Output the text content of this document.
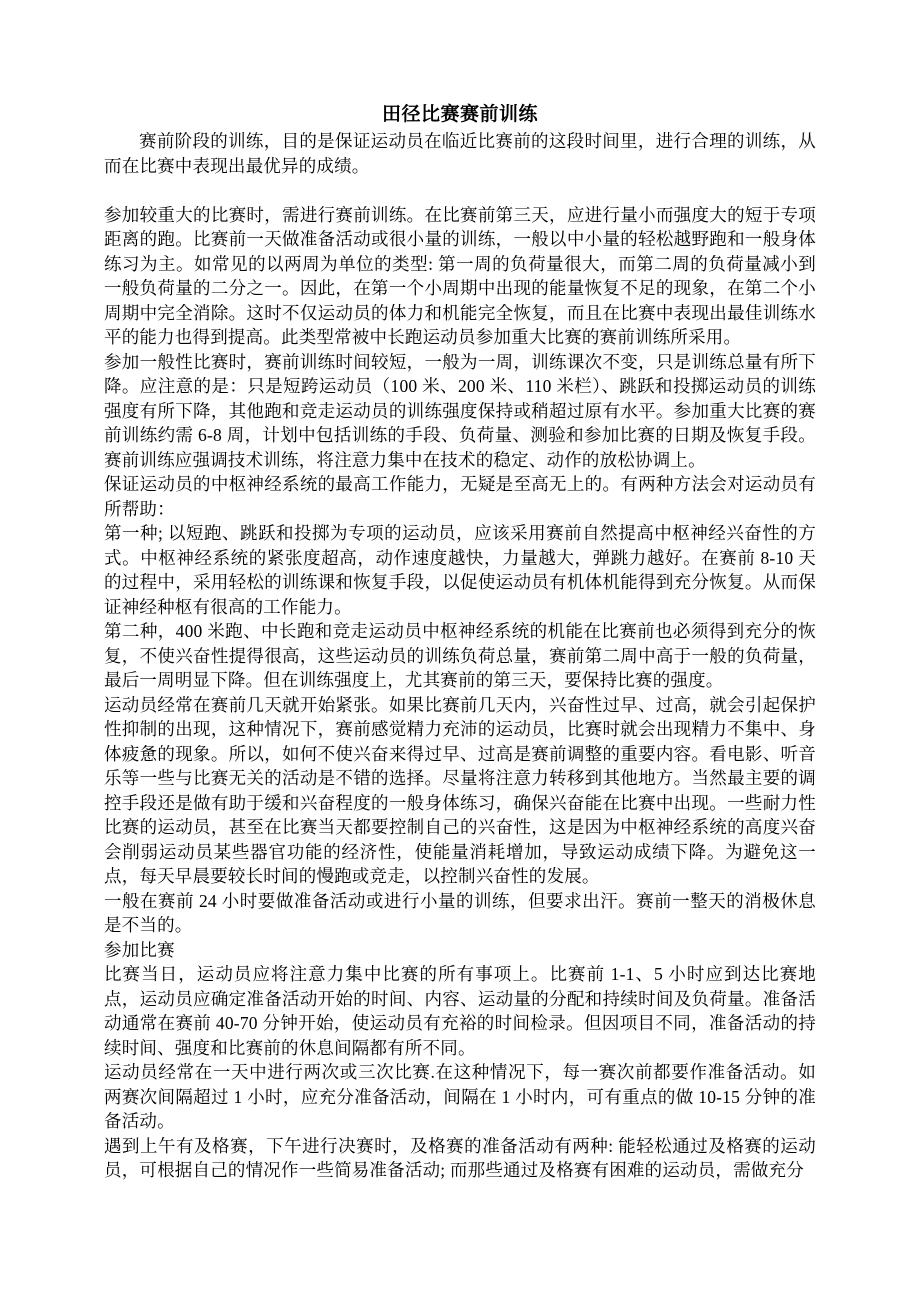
田径比赛赛前训练

赛前阶段的训练，目的是保证运动员在临近比赛前的这段时间里，进行合理的训练，从而在比赛中表现出最优异的成绩。

参加较重大的比赛时，需进行赛前训练。在比赛前第三天，应进行量小而强度大的短于专项距离的跑。比赛前一天做准备活动或很小量的训练，一般以中小量的轻松越野跑和一般身体练习为主。如常见的以两周为单位的类型: 第一周的负荷量很大，而第二周的负荷量减小到一般负荷量的二分之一。因此，在第一个小周期中出现的能量恢复不足的现象，在第二个小周期中完全消除。这时不仅运动员的体力和机能完全恢复，而且在比赛中表现出最佳训练水平的能力也得到提高。此类型常被中长跑运动员参加重大比赛的赛前训练所采用。

参加一般性比赛时，赛前训练时间较短，一般为一周，训练课次不变，只是训练总量有所下降。应注意的是：只是短跨运动员（100 米、200 米、110 米栏）、跳跃和投掷运动员的训练强度有所下降，其他跑和竞走运动员的训练强度保持或稍超过原有水平。参加重大比赛的赛前训练约需 6-8 周，计划中包括训练的手段、负荷量、测验和参加比赛的日期及恢复手段。赛前训练应强调技术训练，将注意力集中在技术的稳定、动作的放松协调上。

保证运动员的中枢神经系统的最高工作能力，无疑是至高无上的。有两种方法会对运动员有所帮助：

第一种; 以短跑、跳跃和投掷为专项的运动员，应该采用赛前自然提高中枢神经兴奋性的方式。中枢神经系统的紧张度超高，动作速度越快，力量越大，弹跳力越好。在赛前 8-10 天的过程中，采用轻松的训练课和恢复手段，以促使运动员有机体机能得到充分恢复。从而保证神经种枢有很高的工作能力。

第二种，400 米跑、中长跑和竞走运动员中枢神经系统的机能在比赛前也必须得到充分的恢复，不使兴奋性提得很高，这些运动员的训练负荷总量，赛前第二周中高于一般的负荷量，最后一周明显下降。但在训练强度上，尤其赛前的第三天，要保持比赛的强度。

运动员经常在赛前几天就开始紧张。如果比赛前几天内，兴奋性过早、过高，就会引起保护性抑制的出现，这种情况下，赛前感觉精力充沛的运动员，比赛时就会出现精力不集中、身体疲惫的现象。所以，如何不使兴奋来得过早、过高是赛前调整的重要内容。看电影、听音乐等一些与比赛无关的活动是不错的选择。尽量将注意力转移到其他地方。当然最主要的调控手段还是做有助于缓和兴奋程度的一般身体练习，确保兴奋能在比赛中出现。一些耐力性比赛的运动员，甚至在比赛当天都要控制自己的兴奋性，这是因为中枢神经系统的高度兴奋会削弱运动员某些器官功能的经济性，使能量消耗增加，导致运动成绩下降。为避免这一点，每天早晨要较长时间的慢跑或竞走，以控制兴奋性的发展。

一般在赛前 24 小时要做准备活动或进行小量的训练，但要求出汗。赛前一整天的消极休息是不当的。

参加比赛

比赛当日，运动员应将注意力集中比赛的所有事项上。比赛前 1-1、5 小时应到达比赛地点，运动员应确定准备活动开始的时间、内容、运动量的分配和持续时间及负荷量。准备活动通常在赛前 40-70 分钟开始，使运动员有充裕的时间检录。但因项目不同，准备活动的持续时间、强度和比赛前的休息间隔都有所不同。

运动员经常在一天中进行两次或三次比赛.在这种情况下，每一赛次前都要作准备活动。如两赛次间隔超过 1 小时，应充分准备活动，间隔在 1 小时内，可有重点的做 10-15 分钟的准备活动。

遇到上午有及格赛，下午进行决赛时，及格赛的准备活动有两种: 能轻松通过及格赛的运动员，可根据自己的情况作一些简易准备活动; 而那些通过及格赛有困难的运动员，需做充分
